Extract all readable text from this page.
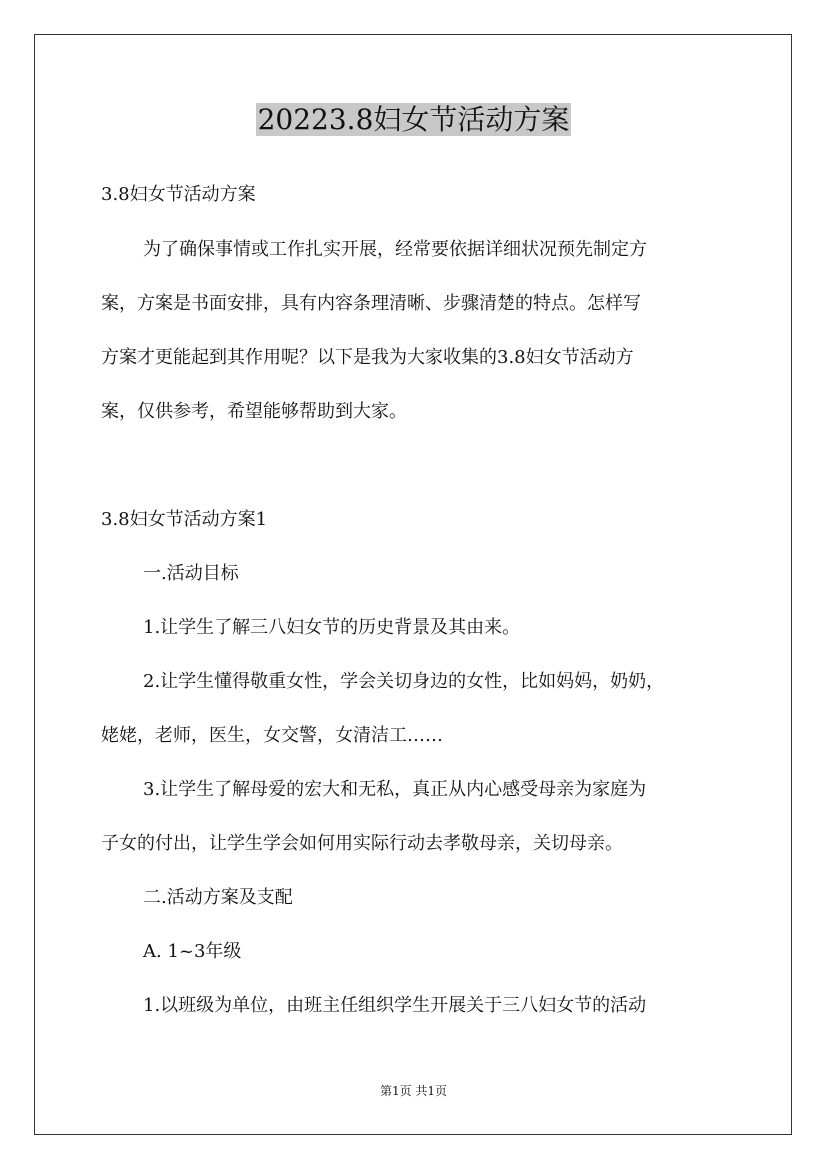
20223.8妇女节活动方案

3.8妇女节活动方案

为了确保事情或工作扎实开展，经常要依据详细状况预先制定方

案，方案是书面安排，具有内容条理清晰、步骤清楚的特点。怎样写

方案才更能起到其作用呢？以下是我为大家收集的3.8妇女节活动方

案，仅供参考，希望能够帮助到大家。

3.8妇女节活动方案1

一.活动目标

1.让学生了解三八妇女节的历史背景及其由来。

2.让学生懂得敬重女性，学会关切身边的女性，比如妈妈，奶奶，

姥姥，老师，医生，女交警，女清洁工……

3.让学生了解母爱的宏大和无私，真正从内心感受母亲为家庭为

子女的付出，让学生学会如何用实际行动去孝敬母亲，关切母亲。

二.活动方案及支配

A. 1~3年级

1.以班级为单位，由班主任组织学生开展关于三八妇女节的活动

第1页 共1页
